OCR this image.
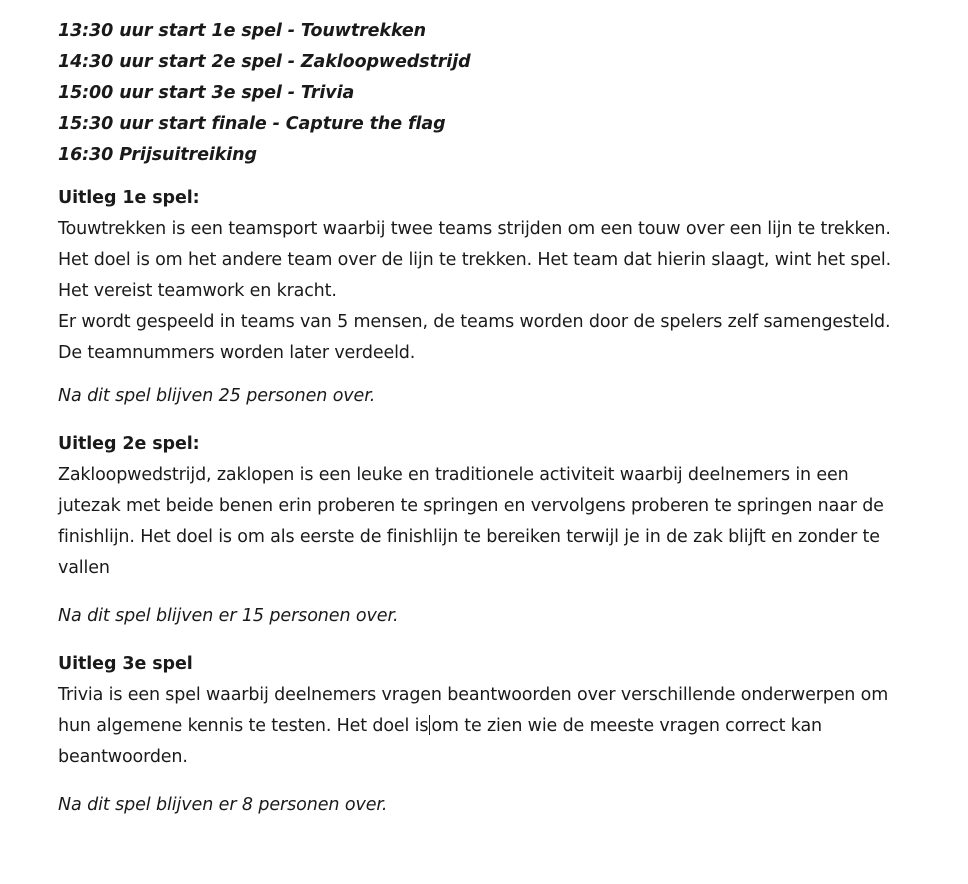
13:30 uur start 1e spel - Touwtrekken
14:30 uur start 2e spel - Zakloopwedstrijd
15:00 uur start 3e spel - Trivia
15:30 uur start finale - Capture the flag
16:30 Prijsuitreiking
Uitleg 1e spel:

Touwtrekken is een teamsport waarbij twee teams strijden om een touw over een lijn te trekken. Het doel is om het andere team over de lijn te trekken. Het team dat hierin slaagt, wint het spel. Het vereist teamwork en kracht.

Er wordt gespeeld in teams van 5 mensen, de teams worden door de spelers zelf samengesteld. De teamnummers worden later verdeeld.

Na dit spel blijven 25 personen over.
Uitleg 2e spel:

Zakloopwedstrijd, zaklopen is een leuke en traditionele activiteit waarbij deelnemers in een jutezak met beide benen erin proberen te springen en vervolgens proberen te springen naar de finishlijn. Het doel is om als eerste de finishlijn te bereiken terwijl je in de zak blijft en zonder te vallen

Na dit spel blijven er 15 personen over.
Uitleg 3e spel

Trivia is een spel waarbij deelnemers vragen beantwoorden over verschillende onderwerpen om hun algemene kennis te testen. Het doel is om te zien wie de meeste vragen correct kan beantwoorden.

Na dit spel blijven er 8 personen over.
